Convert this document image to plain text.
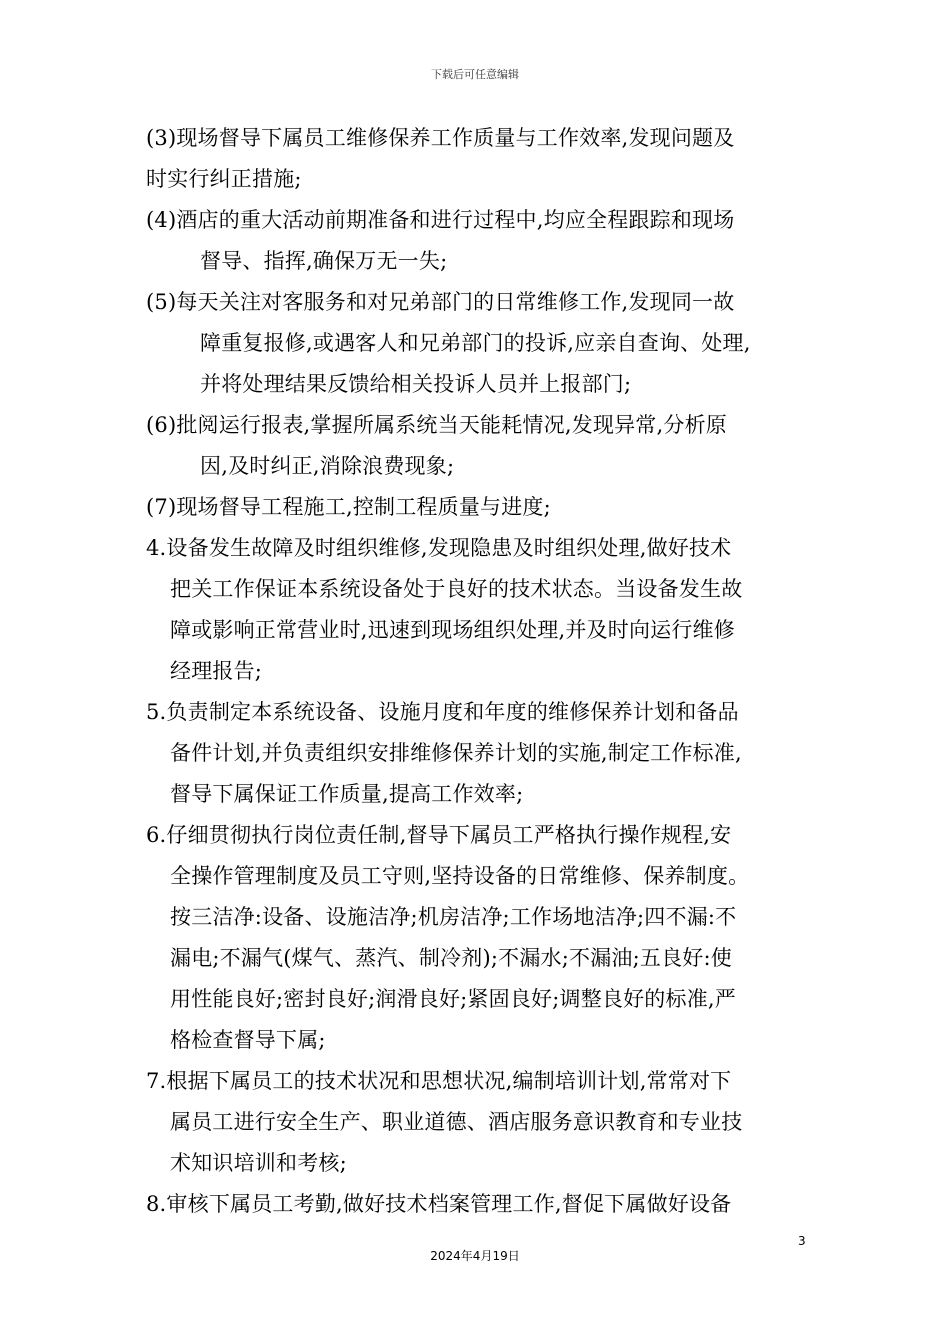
下载后可任意编辑
(3)现场督导下属员工维修保养工作质量与工作效率,发现问题及
时实行纠正措施;
(4)酒店的重大活动前期准备和进行过程中,均应全程跟踪和现场
督导、指挥,确保万无一失;
(5)每天关注对客服务和对兄弟部门的日常维修工作,发现同一故
障重复报修,或遇客人和兄弟部门的投诉,应亲自查询、处理,
并将处理结果反馈给相关投诉人员并上报部门;
(6)批阅运行报表,掌握所属系统当天能耗情况,发现异常,分析原
因,及时纠正,消除浪费现象;
(7)现场督导工程施工,控制工程质量与进度;
4.设备发生故障及时组织维修,发现隐患及时组织处理,做好技术
把关工作保证本系统设备处于良好的技术状态。当设备发生故
障或影响正常营业时,迅速到现场组织处理,并及时向运行维修
经理报告;
5.负责制定本系统设备、设施月度和年度的维修保养计划和备品
备件计划,并负责组织安排维修保养计划的实施,制定工作标准,
督导下属保证工作质量,提高工作效率;
6.仔细贯彻执行岗位责任制,督导下属员工严格执行操作规程,安
全操作管理制度及员工守则,坚持设备的日常维修、保养制度。
按三洁净:设备、设施洁净;机房洁净;工作场地洁净;四不漏:不
漏电;不漏气(煤气、蒸汽、制冷剂);不漏水;不漏油;五良好:使
用性能良好;密封良好;润滑良好;紧固良好;调整良好的标准,严
格检查督导下属;
7.根据下属员工的技术状况和思想状况,编制培训计划,常常对下
属员工进行安全生产、职业道德、酒店服务意识教育和专业技
术知识培训和考核;
8.审核下属员工考勤,做好技术档案管理工作,督促下属做好设备
3
2024年4月19日
